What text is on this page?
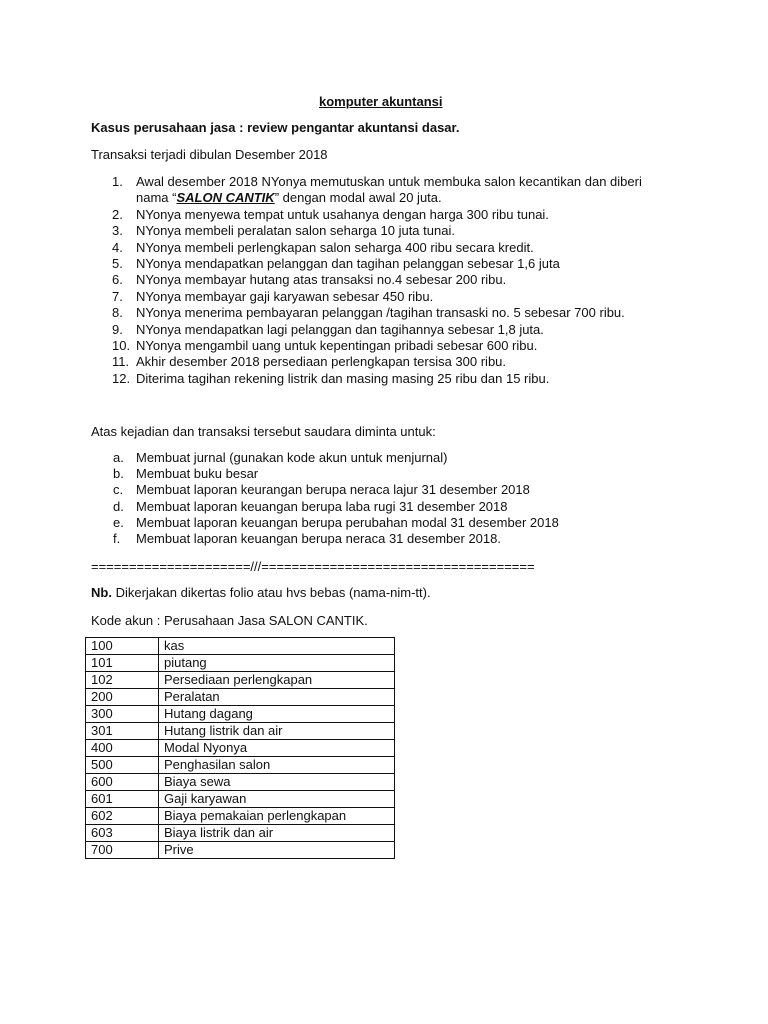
komputer akuntansi
Kasus perusahaan jasa : review pengantar akuntansi dasar.
Transaksi terjadi dibulan Desember 2018
1.	Awal desember 2018 NYonya memutuskan untuk membuka salon kecantikan dan diberi
nama “SALON CANTIK” dengan modal awal 20 juta.
2.	NYonya menyewa tempat untuk usahanya dengan harga 300 ribu tunai.
3.	NYonya membeli peralatan salon seharga 10 juta tunai.
4.	NYonya membeli perlengkapan salon seharga 400 ribu secara kredit.
5.	NYonya mendapatkan pelanggan dan tagihan pelanggan sebesar 1,6 juta
6.	NYonya membayar hutang atas transaksi no.4 sebesar 200 ribu.
7.	NYonya membayar gaji karyawan sebesar 450 ribu.
8.	NYonya menerima pembayaran pelanggan /tagihan transaski no. 5 sebesar 700 ribu.
9.	NYonya mendapatkan lagi pelanggan dan tagihannya sebesar 1,8 juta.
10. NYonya mengambil uang untuk kepentingan pribadi sebesar 600 ribu.
11. Akhir desember 2018 persediaan perlengkapan tersisa 300 ribu.
12. Diterima tagihan rekening listrik dan masing masing 25 ribu dan 15 ribu.
Atas kejadian dan transaksi tersebut saudara diminta untuk:
a. Membuat jurnal (gunakan kode akun untuk menjurnal)
b. Membuat buku besar
c. Membuat laporan keurangan berupa neraca lajur 31 desember 2018
d. Membuat laporan keuangan berupa laba rugi 31 desember 2018
e. Membuat laporan keuangan berupa perubahan modal 31 desember 2018
f. Membuat laporan keuangan berupa neraca 31 desember 2018.
=====================///====================================
Nb. Dikerjakan dikertas folio atau hvs bebas (nama-nim-tt).
Kode akun : Perusahaan Jasa SALON CANTIK.
100	kas
101	piutang
102	Persediaan perlengkapan
200	Peralatan
300	Hutang dagang
301	Hutang listrik dan air
400	Modal Nyonya
500	Penghasilan salon
600	Biaya sewa
601	Gaji karyawan
602	Biaya pemakaian perlengkapan
603	Biaya listrik dan air
700	Prive
